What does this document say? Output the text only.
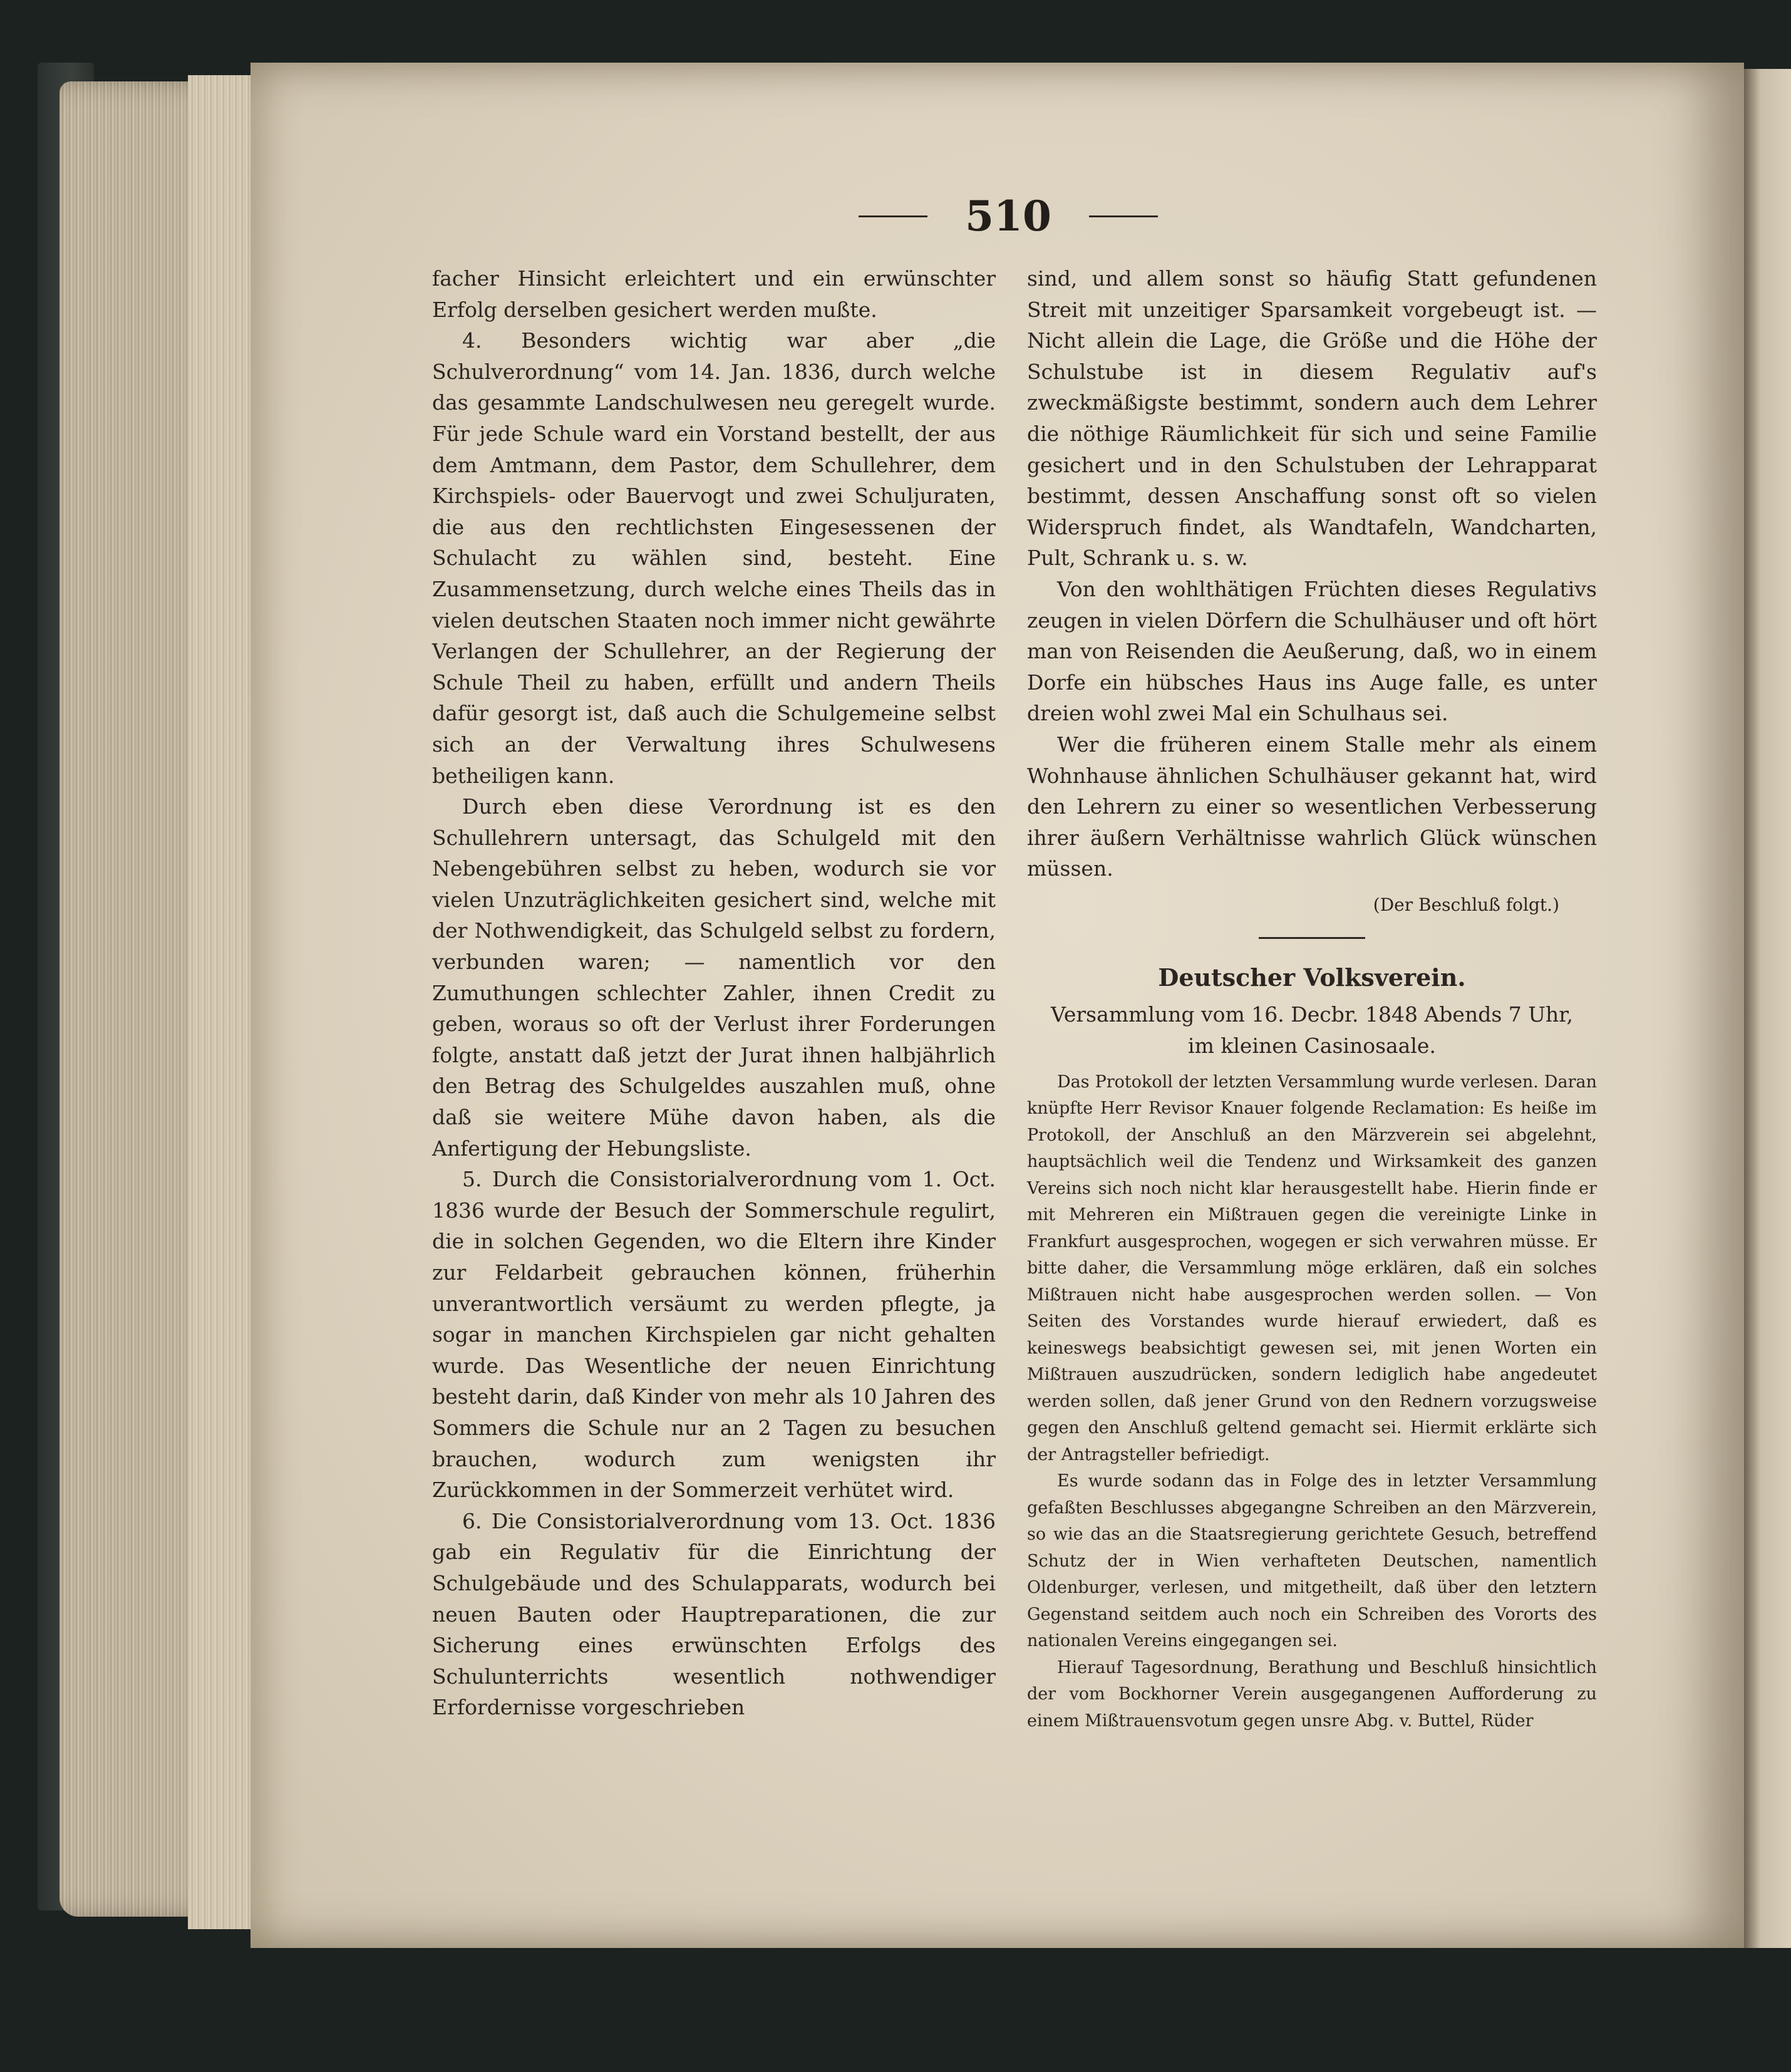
510

facher Hinsicht erleichtert und ein erwünschter Erfolg derselben gesichert werden mußte.

4. Besonders wichtig war aber „die Schulverordnung“ vom 14. Jan. 1836, durch welche das gesammte Landschulwesen neu geregelt wurde. Für jede Schule ward ein Vorstand bestellt, der aus dem Amtmann, dem Pastor, dem Schullehrer, dem Kirchspiels- oder Bauervogt und zwei Schuljuraten, die aus den rechtlichsten Eingesessenen der Schulacht zu wählen sind, besteht. Eine Zusammensetzung, durch welche eines Theils das in vielen deutschen Staaten noch immer nicht gewährte Verlangen der Schullehrer, an der Regierung der Schule Theil zu haben, erfüllt und andern Theils dafür gesorgt ist, daß auch die Schulgemeine selbst sich an der Verwaltung ihres Schulwesens betheiligen kann.

Durch eben diese Verordnung ist es den Schullehrern untersagt, das Schulgeld mit den Nebengebühren selbst zu heben, wodurch sie vor vielen Unzuträglichkeiten gesichert sind, welche mit der Nothwendigkeit, das Schulgeld selbst zu fordern, verbunden waren; — namentlich vor den Zumuthungen schlechter Zahler, ihnen Credit zu geben, woraus so oft der Verlust ihrer Forderungen folgte, anstatt daß jetzt der Jurat ihnen halbjährlich den Betrag des Schulgeldes auszahlen muß, ohne daß sie weitere Mühe davon haben, als die Anfertigung der Hebungsliste.

5. Durch die Consistorialverordnung vom 1. Oct. 1836 wurde der Besuch der Sommerschule regulirt, die in solchen Gegenden, wo die Eltern ihre Kinder zur Feldarbeit gebrauchen können, früherhin unverantwortlich versäumt zu werden pflegte, ja sogar in manchen Kirchspielen gar nicht gehalten wurde. Das Wesentliche der neuen Einrichtung besteht darin, daß Kinder von mehr als 10 Jahren des Sommers die Schule nur an 2 Tagen zu besuchen brauchen, wodurch zum wenigsten ihr Zurückkommen in der Sommerzeit verhütet wird.

6. Die Consistorialverordnung vom 13. Oct. 1836 gab ein Regulativ für die Einrichtung der Schulgebäude und des Schulapparats, wodurch bei neuen Bauten oder Hauptreparationen, die zur Sicherung eines erwünschten Erfolgs des Schulunterrichts wesentlich nothwendiger Erfordernisse vorgeschrieben

sind, und allem sonst so häufig Statt gefundenen Streit mit unzeitiger Sparsamkeit vorgebeugt ist. — Nicht allein die Lage, die Größe und die Höhe der Schulstube ist in diesem Regulativ auf's zweckmäßigste bestimmt, sondern auch dem Lehrer die nöthige Räumlichkeit für sich und seine Familie gesichert und in den Schulstuben der Lehrapparat bestimmt, dessen Anschaffung sonst oft so vielen Widerspruch findet, als Wandtafeln, Wandcharten, Pult, Schrank u. s. w.

Von den wohlthätigen Früchten dieses Regulativs zeugen in vielen Dörfern die Schulhäuser und oft hört man von Reisenden die Aeußerung, daß, wo in einem Dorfe ein hübsches Haus ins Auge falle, es unter dreien wohl zwei Mal ein Schulhaus sei.

Wer die früheren einem Stalle mehr als einem Wohnhause ähnlichen Schulhäuser gekannt hat, wird den Lehrern zu einer so wesentlichen Verbesserung ihrer äußern Verhältnisse wahrlich Glück wünschen müssen.

(Der Beschluß folgt.)

Deutscher Volksverein.
Versammlung vom 16. Decbr. 1848 Abends 7 Uhr,
im kleinen Casinosaale.

Das Protokoll der letzten Versammlung wurde verlesen. Daran knüpfte Herr Revisor Knauer folgende Reclamation: Es heiße im Protokoll, der Anschluß an den Märzverein sei abgelehnt, hauptsächlich weil die Tendenz und Wirksamkeit des ganzen Vereins sich noch nicht klar herausgestellt habe. Hierin finde er mit Mehreren ein Mißtrauen gegen die vereinigte Linke in Frankfurt ausgesprochen, wogegen er sich verwahren müsse. Er bitte daher, die Versammlung möge erklären, daß ein solches Mißtrauen nicht habe ausgesprochen werden sollen. — Von Seiten des Vorstandes wurde hierauf erwiedert, daß es keineswegs beabsichtigt gewesen sei, mit jenen Worten ein Mißtrauen auszudrücken, sondern lediglich habe angedeutet werden sollen, daß jener Grund von den Rednern vorzugsweise gegen den Anschluß geltend gemacht sei. Hiermit erklärte sich der Antragsteller befriedigt.

Es wurde sodann das in Folge des in letzter Versammlung gefaßten Beschlusses abgegangne Schreiben an den Märzverein, so wie das an die Staatsregierung gerichtete Gesuch, betreffend Schutz der in Wien verhafteten Deutschen, namentlich Oldenburger, verlesen, und mitgetheilt, daß über den letztern Gegenstand seitdem auch noch ein Schreiben des Vororts des nationalen Vereins eingegangen sei.

Hierauf Tagesordnung, Berathung und Beschluß hinsichtlich der vom Bockhorner Verein ausgegangenen Aufforderung zu einem Mißtrauensvotum gegen unsre Abg. v. Buttel, Rüder
